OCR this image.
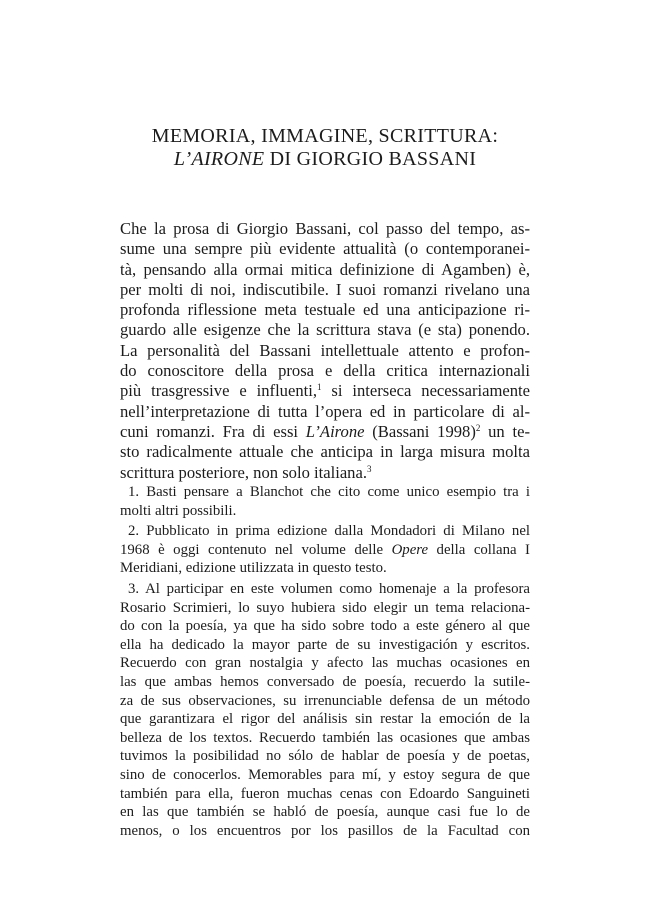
MEMORIA, IMMAGINE, SCRITTURA:
L’AIRONE DI GIORGIO BASSANI
Che la prosa di Giorgio Bassani, col passo del tempo, as-
sume una sempre più evidente attualità (o contemporanei-
tà, pensando alla ormai mitica definizione di Agamben) è,
per molti di noi, indiscutibile. I suoi romanzi rivelano una
profonda riflessione meta testuale ed una anticipazione ri-
guardo alle esigenze che la scrittura stava (e sta) ponendo.
La personalità del Bassani intellettuale attento e profon-
do conoscitore della prosa e della critica internazionali
più trasgressive e influenti,$^1$ si interseca necessariamente
nell’interpretazione di tutta l’opera ed in particolare di al-
cuni romanzi. Fra di essi L’Airone (Bassani 1998)$^2$ un te-
sto radicalmente attuale che anticipa in larga misura molta
scrittura posteriore, non solo italiana.$^3$
1. Basti pensare a Blanchot che cito come unico esempio tra i
molti altri possibili.
2. Pubblicato in prima edizione dalla Mondadori di Milano nel
1968 è oggi contenuto nel volume delle Opere della collana I
Meridiani, edizione utilizzata in questo testo.
3. Al participar en este volumen como homenaje a la profesora
Rosario Scrimieri, lo suyo hubiera sido elegir un tema relaciona-
do con la poesía, ya que ha sido sobre todo a este género al que
ella ha dedicado la mayor parte de su investigación y escritos.
Recuerdo con gran nostalgia y afecto las muchas ocasiones en
las que ambas hemos conversado de poesía, recuerdo la sutile-
za de sus observaciones, su irrenunciable defensa de un método
que garantizara el rigor del análisis sin restar la emoción de la
belleza de los textos. Recuerdo también las ocasiones que ambas
tuvimos la posibilidad no sólo de hablar de poesía y de poetas,
sino de conocerlos. Memorables para mí, y estoy segura de que
también para ella, fueron muchas cenas con Edoardo Sanguineti
en las que también se habló de poesía, aunque casi fue lo de
menos, o los encuentros por los pasillos de la Facultad con
